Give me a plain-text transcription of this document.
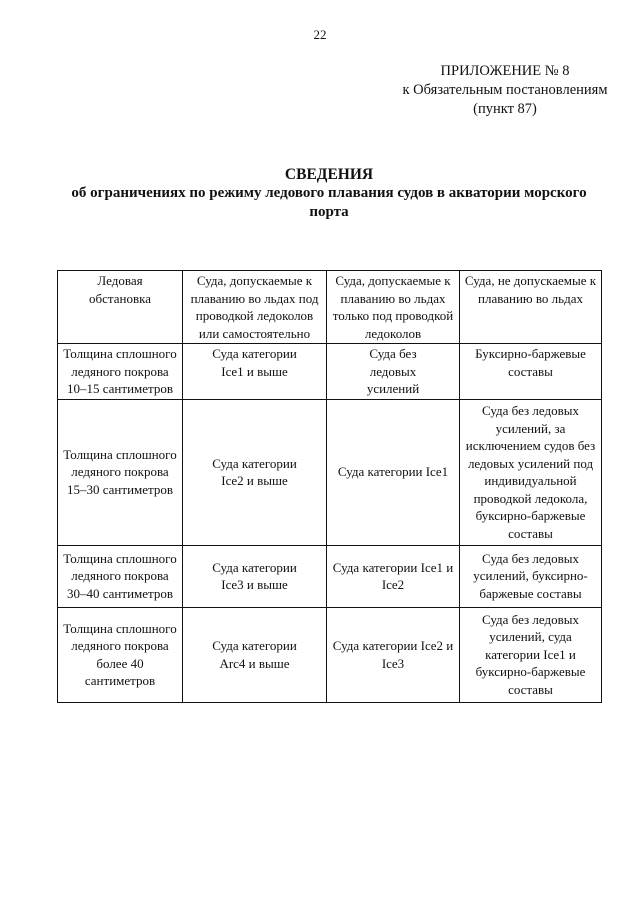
22
ПРИЛОЖЕНИЕ № 8
к Обязательным постановлениям
(пункт 87)
СВЕДЕНИЯ
об ограничениях по режиму ледового плавания судов в акватории морского
порта
Ледовая обстановка	Суда, допускаемые к плаванию во льдах под проводкой ледоколов или самостоятельно	Суда, допускаемые к плаванию во льдах только под проводкой ледоколов	Суда, не допускаемые к плаванию во льдах
Толщина сплошного ледяного покрова 10–15 сантиметров	Суда категории Ice1 и выше	Суда без ледовых усилений	Буксирно-баржевые составы
Толщина сплошного ледяного покрова 15–30 сантиметров	Суда категории Ice2 и выше	Суда категории Ice1	Суда без ледовых усилений, за исключением судов без ледовых усилений под индивидуальной проводкой ледокола, буксирно-баржевые составы
Толщина сплошного ледяного покрова 30–40 сантиметров	Суда категории Ice3 и выше	Суда категории Ice1 и Ice2	Суда без ледовых усилений, буксирно-баржевые составы
Толщина сплошного ледяного покрова более 40 сантиметров	Суда категории Arc4 и выше	Суда категории Ice2 и Ice3	Суда без ледовых усилений, суда категории Ice1 и буксирно-баржевые составы
